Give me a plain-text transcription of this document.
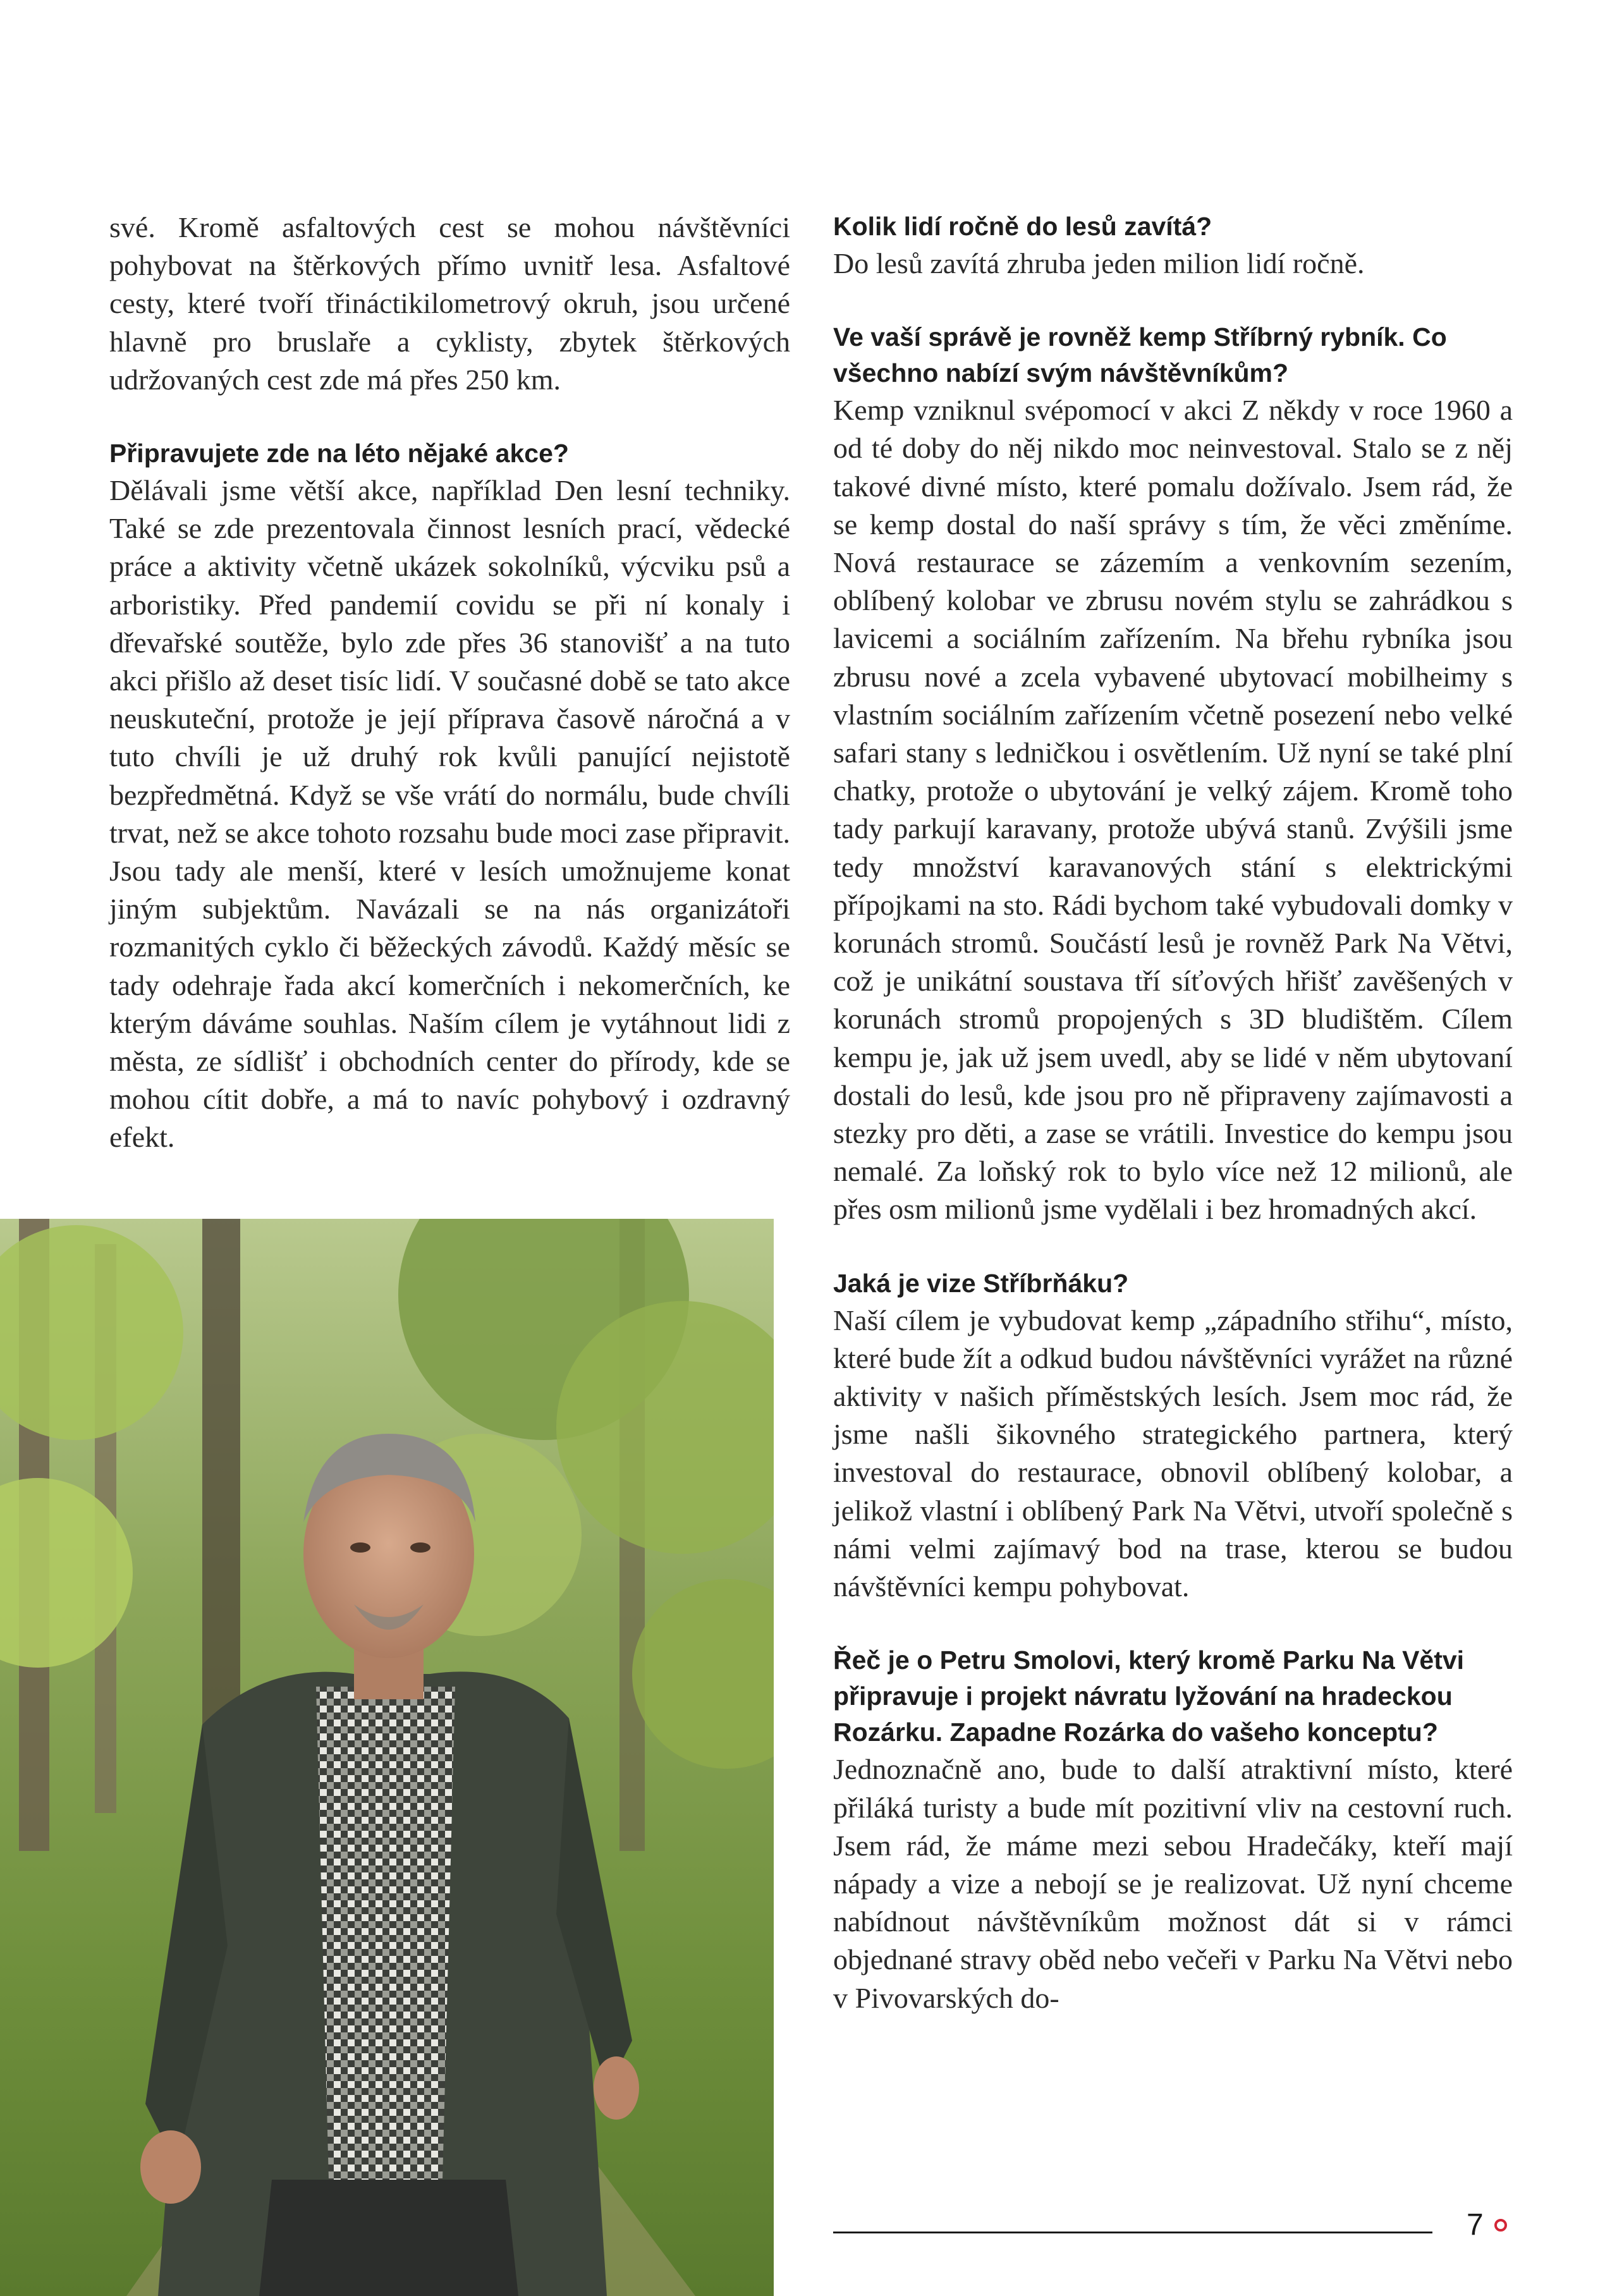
své. Kromě asfaltových cest se mohou návštěvníci pohybovat na štěrkových přímo uvnitř lesa. Asfaltové cesty, které tvoří třináctikilometrový okruh, jsou určené hlavně pro bruslaře a cyklisty, zbytek štěrkových udržovaných cest zde má přes 250 km.

Připravujete zde na léto nějaké akce?

Dělávali jsme větší akce, například Den lesní techniky. Také se zde prezentovala činnost lesních prací, vědecké práce a aktivity včetně ukázek sokolníků, výcviku psů a arboristiky. Před pandemií covidu se při ní konaly i dřevařské soutěže, bylo zde přes 36 stanovišť a na tuto akci přišlo až deset tisíc lidí. V současné době se tato akce neuskuteční, protože je její příprava časově náročná a v tuto chvíli je už druhý rok kvůli panující nejistotě bezpředmětná. Když se vše vrátí do normálu, bude chvíli trvat, než se akce tohoto rozsahu bude moci zase připravit. Jsou tady ale menší, které v lesích umožnujeme konat jiným subjektům. Navázali se na nás organizátoři rozmanitých cyklo či běžeckých závodů. Každý měsíc se tady odehraje řada akcí komerčních i nekomerčních, ke kterým dáváme souhlas. Naším cílem je vytáhnout lidi z města, ze sídlišť i obchodních center do přírody, kde se mohou cítit dobře, a má to navíc pohybový i ozdravný efekt.

Kolik lidí ročně do lesů zavítá?

Do lesů zavítá zhruba jeden milion lidí ročně.

Ve vaší správě je rovněž kemp Stříbrný rybník. Co všechno nabízí svým návštěvníkům?

Kemp vzniknul svépomocí v akci Z někdy v roce 1960 a od té doby do něj nikdo moc neinvestoval. Stalo se z něj takové divné místo, které pomalu dožívalo. Jsem rád, že se kemp dostal do naší správy s tím, že věci změníme. Nová restaurace se zázemím a venkovním sezením, oblíbený kolobar ve zbrusu novém stylu se zahrádkou s lavicemi a sociálním zařízením. Na břehu rybníka jsou zbrusu nové a zcela vybavené ubytovací mobilheimy s vlastním sociálním zařízením včetně posezení nebo velké safari stany s ledničkou i osvětlením. Už nyní se také plní chatky, protože o ubytování je velký zájem. Kromě toho tady parkují karavany, protože ubývá stanů. Zvýšili jsme tedy množství karavanových stání s elektrickými přípojkami na sto. Rádi bychom také vybudovali domky v korunách stromů. Součástí lesů je rovněž Park Na Větvi, což je unikátní soustava tří síťových hřišť zavěšených v korunách stromů propojených s 3D bludištěm. Cílem kempu je, jak už jsem uvedl, aby se lidé v něm ubytovaní dostali do lesů, kde jsou pro ně připraveny zajímavosti a stezky pro děti, a zase se vrátili. Investice do kempu jsou nemalé. Za loňský rok to bylo více než 12 milionů, ale přes osm milionů jsme vydělali i bez hromadných akcí.

Jaká je vize Stříbrňáku?

Naší cílem je vybudovat kemp „západního střihu“, místo, které bude žít a odkud budou návštěvníci vyrážet na různé aktivity v našich příměstských lesích. Jsem moc rád, že jsme našli šikovného strategického partnera, který investoval do restaurace, obnovil oblíbený kolobar, a jelikož vlastní i oblíbený Park Na Větvi, utvoří společně s námi velmi zajímavý bod na trase, kterou se budou návštěvníci kempu pohybovat.

Řeč je o Petru Smolovi, který kromě Parku Na Větvi připravuje i projekt návratu lyžování na hradeckou Rozárku. Zapadne Rozárka do vašeho konceptu?

Jednoznačně ano, bude to další atraktivní místo, které přiláká turisty a bude mít pozitivní vliv na cestovní ruch. Jsem rád, že máme mezi sebou Hradečáky, kteří mají nápady a vize a nebojí se je realizovat. Už nyní chceme nabídnout návštěvníkům možnost dát si v rámci objednané stravy oběd nebo večeři v Parku Na Větvi nebo v Pivovarských do-

7
